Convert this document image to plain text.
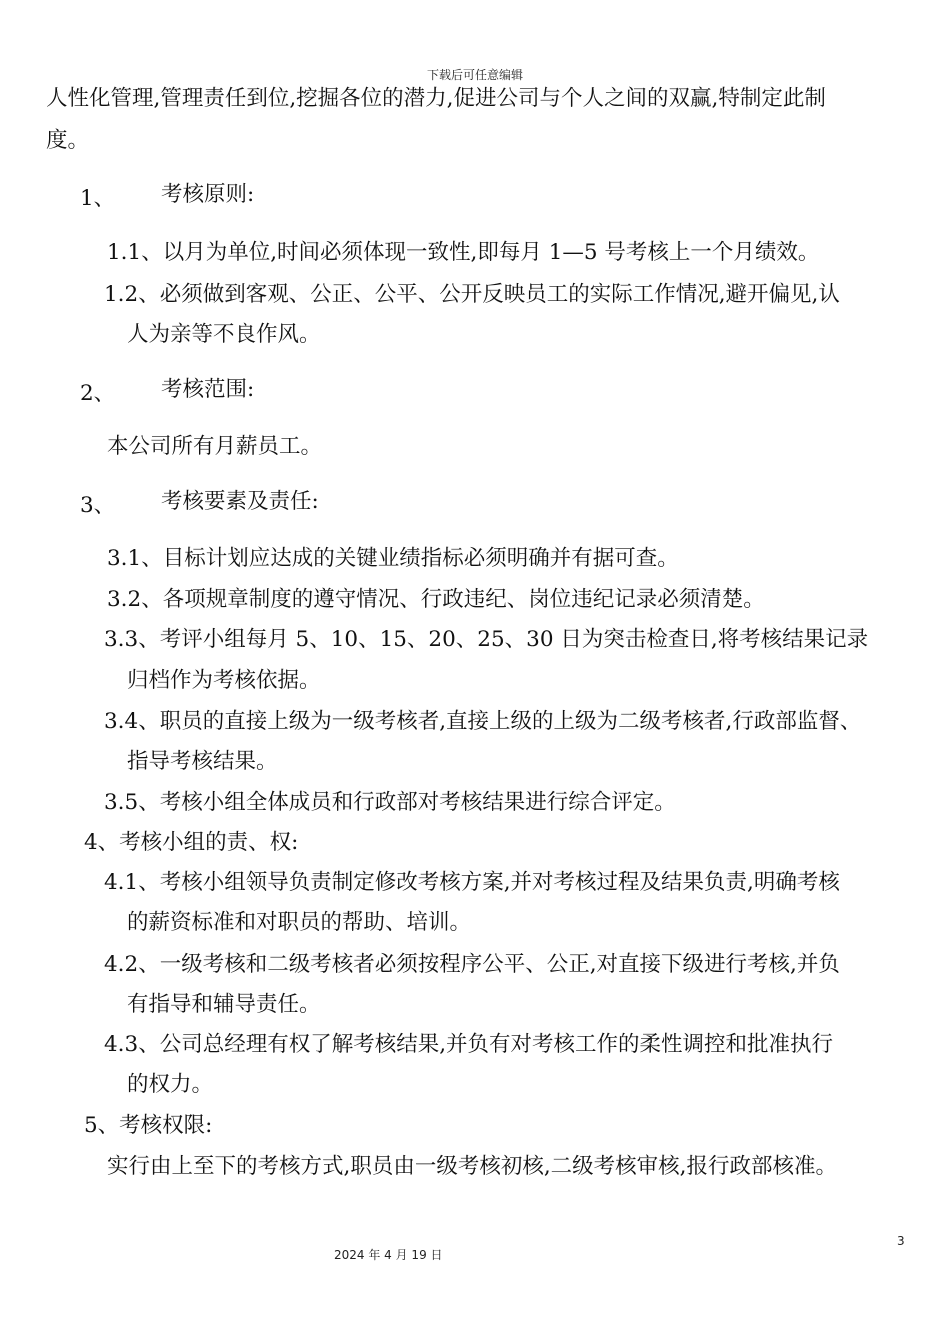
下载后可任意编辑
人性化管理,管理责任到位,挖掘各位的潜力,促进公司与个人之间的双赢,特制定此制
度。
1、 考核原则:
1.1、以月为单位,时间必须体现一致性,即每月 1—5 号考核上一个月绩效。
1.2、必须做到客观、公正、公平、公开反映员工的实际工作情况,避开偏见,认
人为亲等不良作风。
2、 考核范围:
本公司所有月薪员工。
3、 考核要素及责任:
3.1、目标计划应达成的关键业绩指标必须明确并有据可查。
3.2、各项规章制度的遵守情况、行政违纪、岗位违纪记录必须清楚。
3.3、考评小组每月 5、10、15、20、25、30 日为突击检查日,将考核结果记录
归档作为考核依据。
3.4、职员的直接上级为一级考核者,直接上级的上级为二级考核者,行政部监督、
指导考核结果。
3.5、考核小组全体成员和行政部对考核结果进行综合评定。
4、考核小组的责、权:
4.1、考核小组领导负责制定修改考核方案,并对考核过程及结果负责,明确考核
的薪资标准和对职员的帮助、培训。
4.2、一级考核和二级考核者必须按程序公平、公正,对直接下级进行考核,并负
有指导和辅导责任。
4.3、公司总经理有权了解考核结果,并负有对考核工作的柔性调控和批准执行
的权力。
5、考核权限:
实行由上至下的考核方式,职员由一级考核初核,二级考核审核,报行政部核准。
3
2024 年 4 月 19 日
